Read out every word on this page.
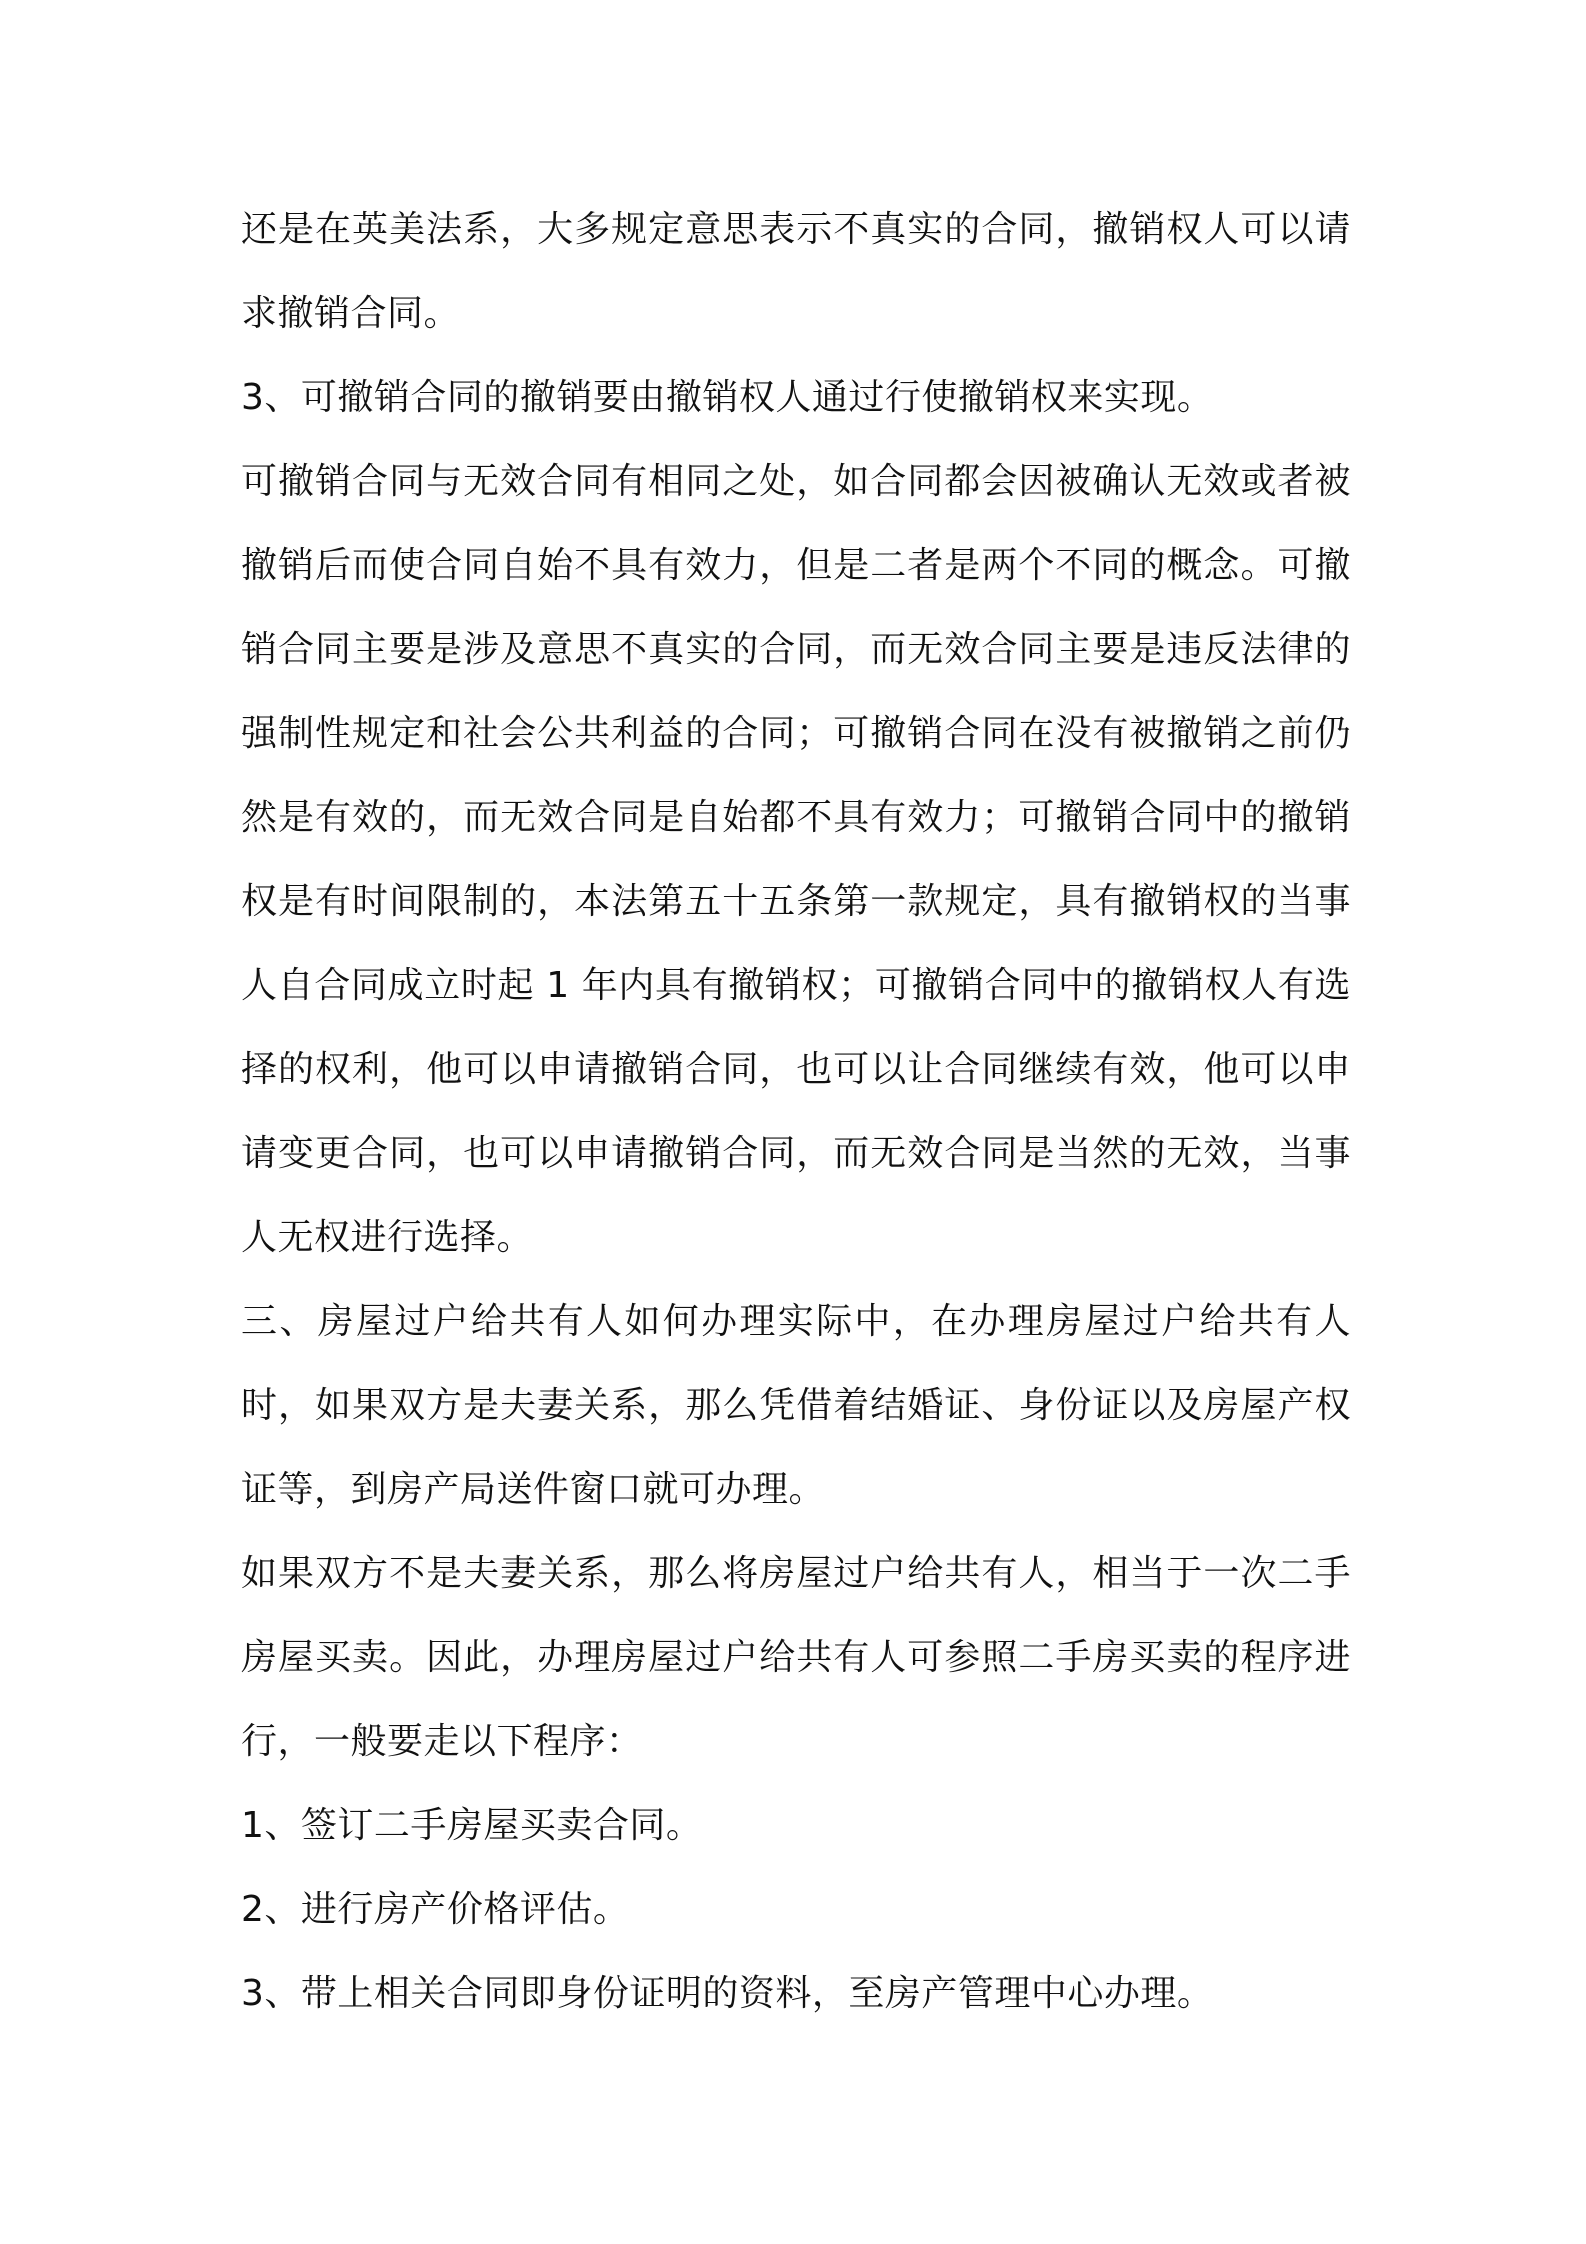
还是在英美法系，大多规定意思表示不真实的合同，撤销权人可以请求撤销合同。

3、可撤销合同的撤销要由撤销权人通过行使撤销权来实现。

可撤销合同与无效合同有相同之处，如合同都会因被确认无效或者被撤销后而使合同自始不具有效力，但是二者是两个不同的概念。可撤销合同主要是涉及意思不真实的合同，而无效合同主要是违反法律的强制性规定和社会公共利益的合同；可撤销合同在没有被撤销之前仍然是有效的，而无效合同是自始都不具有效力；可撤销合同中的撤销权是有时间限制的，本法第五十五条第一款规定，具有撤销权的当事人自合同成立时起 1 年内具有撤销权；可撤销合同中的撤销权人有选择的权利，他可以申请撤销合同，也可以让合同继续有效，他可以申请变更合同，也可以申请撤销合同，而无效合同是当然的无效，当事人无权进行选择。

三、房屋过户给共有人如何办理实际中，在办理房屋过户给共有人时，如果双方是夫妻关系，那么凭借着结婚证、身份证以及房屋产权证等，到房产局送件窗口就可办理。

如果双方不是夫妻关系，那么将房屋过户给共有人，相当于一次二手房屋买卖。因此，办理房屋过户给共有人可参照二手房买卖的程序进行，一般要走以下程序：

1、签订二手房屋买卖合同。

2、进行房产价格评估。

3、带上相关合同即身份证明的资料，至房产管理中心办理。
